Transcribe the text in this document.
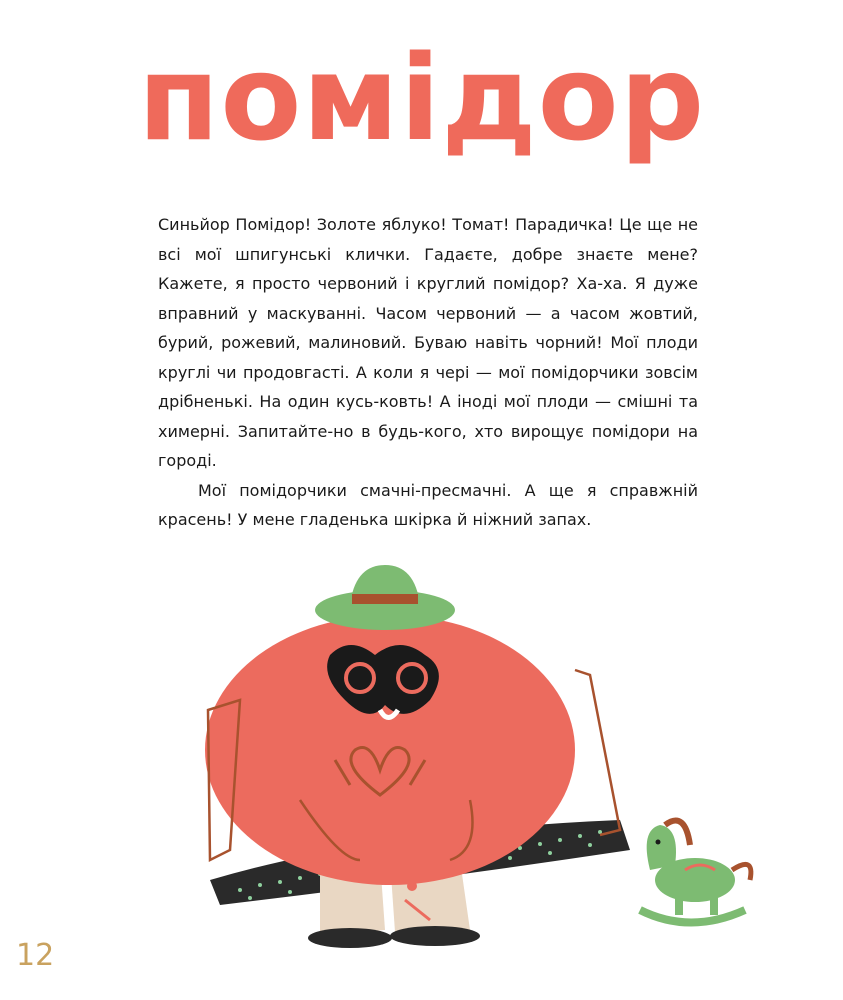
помідор

Синьйор Помідор! Золоте яблуко! Томат! Парадичка! Це ще не всі мої шпигунські клички. Гадаєте, добре знаєте мене? Кажете, я просто червоний і круглий помідор? Ха-ха. Я дуже вправний у маскуванні. Часом червоний — а часом жовтий, бурий, рожевий, малиновий. Буваю навіть чорний! Мої плоди круглі чи продовгасті. А коли я черi — мої помідорчики зовсім дрібненькі. На один кусь-ковть! А іноді мої плоди — смішні та химерні. Запитайте-но в будь-кого, хто вирощує помідори на городі.

Мої помідорчики смачні-пресмачні. А ще я справжній красень! У мене гладенька шкірка й ніжний запах.

12
